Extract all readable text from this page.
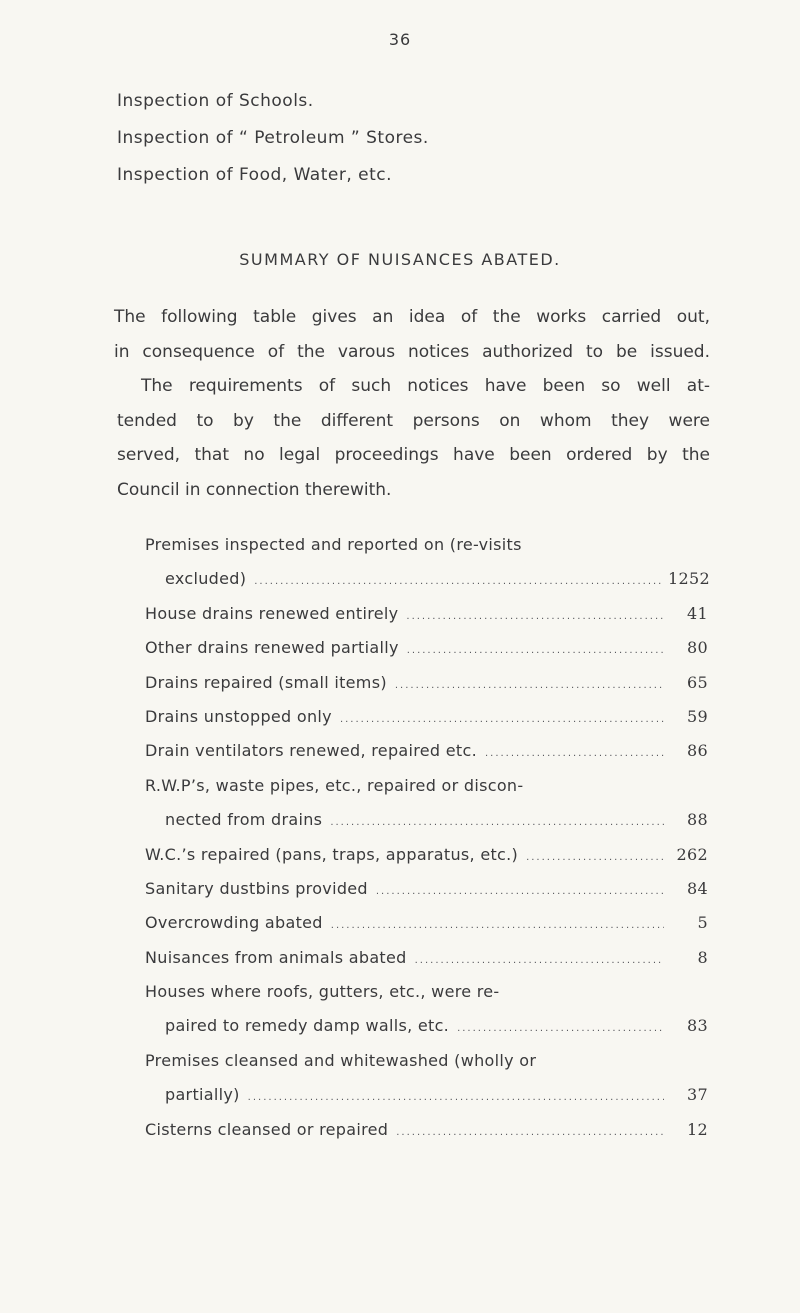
36
Inspection of Schools.
Inspection of “ Petroleum ” Stores.
Inspection of Food, Water, etc.
SUMMARY OF NUISANCES ABATED.
The following table gives an idea of the works carried out,
in consequence of the varous notices authorized to be issued.
The requirements of such notices have been so well at-
tended to by the different persons on whom they were
served, that no legal proceedings have been ordered by the
Council in connection therewith.
Premises inspected and reported on (re-visits
excluded) .....	1252
House drains renewed entirely .....	41
Other drains renewed partially .....	80
Drains repaired (small items) .....	65
Drains unstopped only .....	59
Drain ventilators renewed, repaired etc. .....	86
R.W.P’s, waste pipes, etc., repaired or discon-
nected from drains .....	88
W.C.’s repaired (pans, traps, apparatus, etc.) .....	262
Sanitary dustbins provided .....	84
Overcrowding abated .....	5
Nuisances from animals abated .....	8
Houses where roofs, gutters, etc., were re-
paired to remedy damp walls, etc. .....	83
Premises cleansed and whitewashed (wholly or
partially) .....	37
Cisterns cleansed or repaired .....	12
